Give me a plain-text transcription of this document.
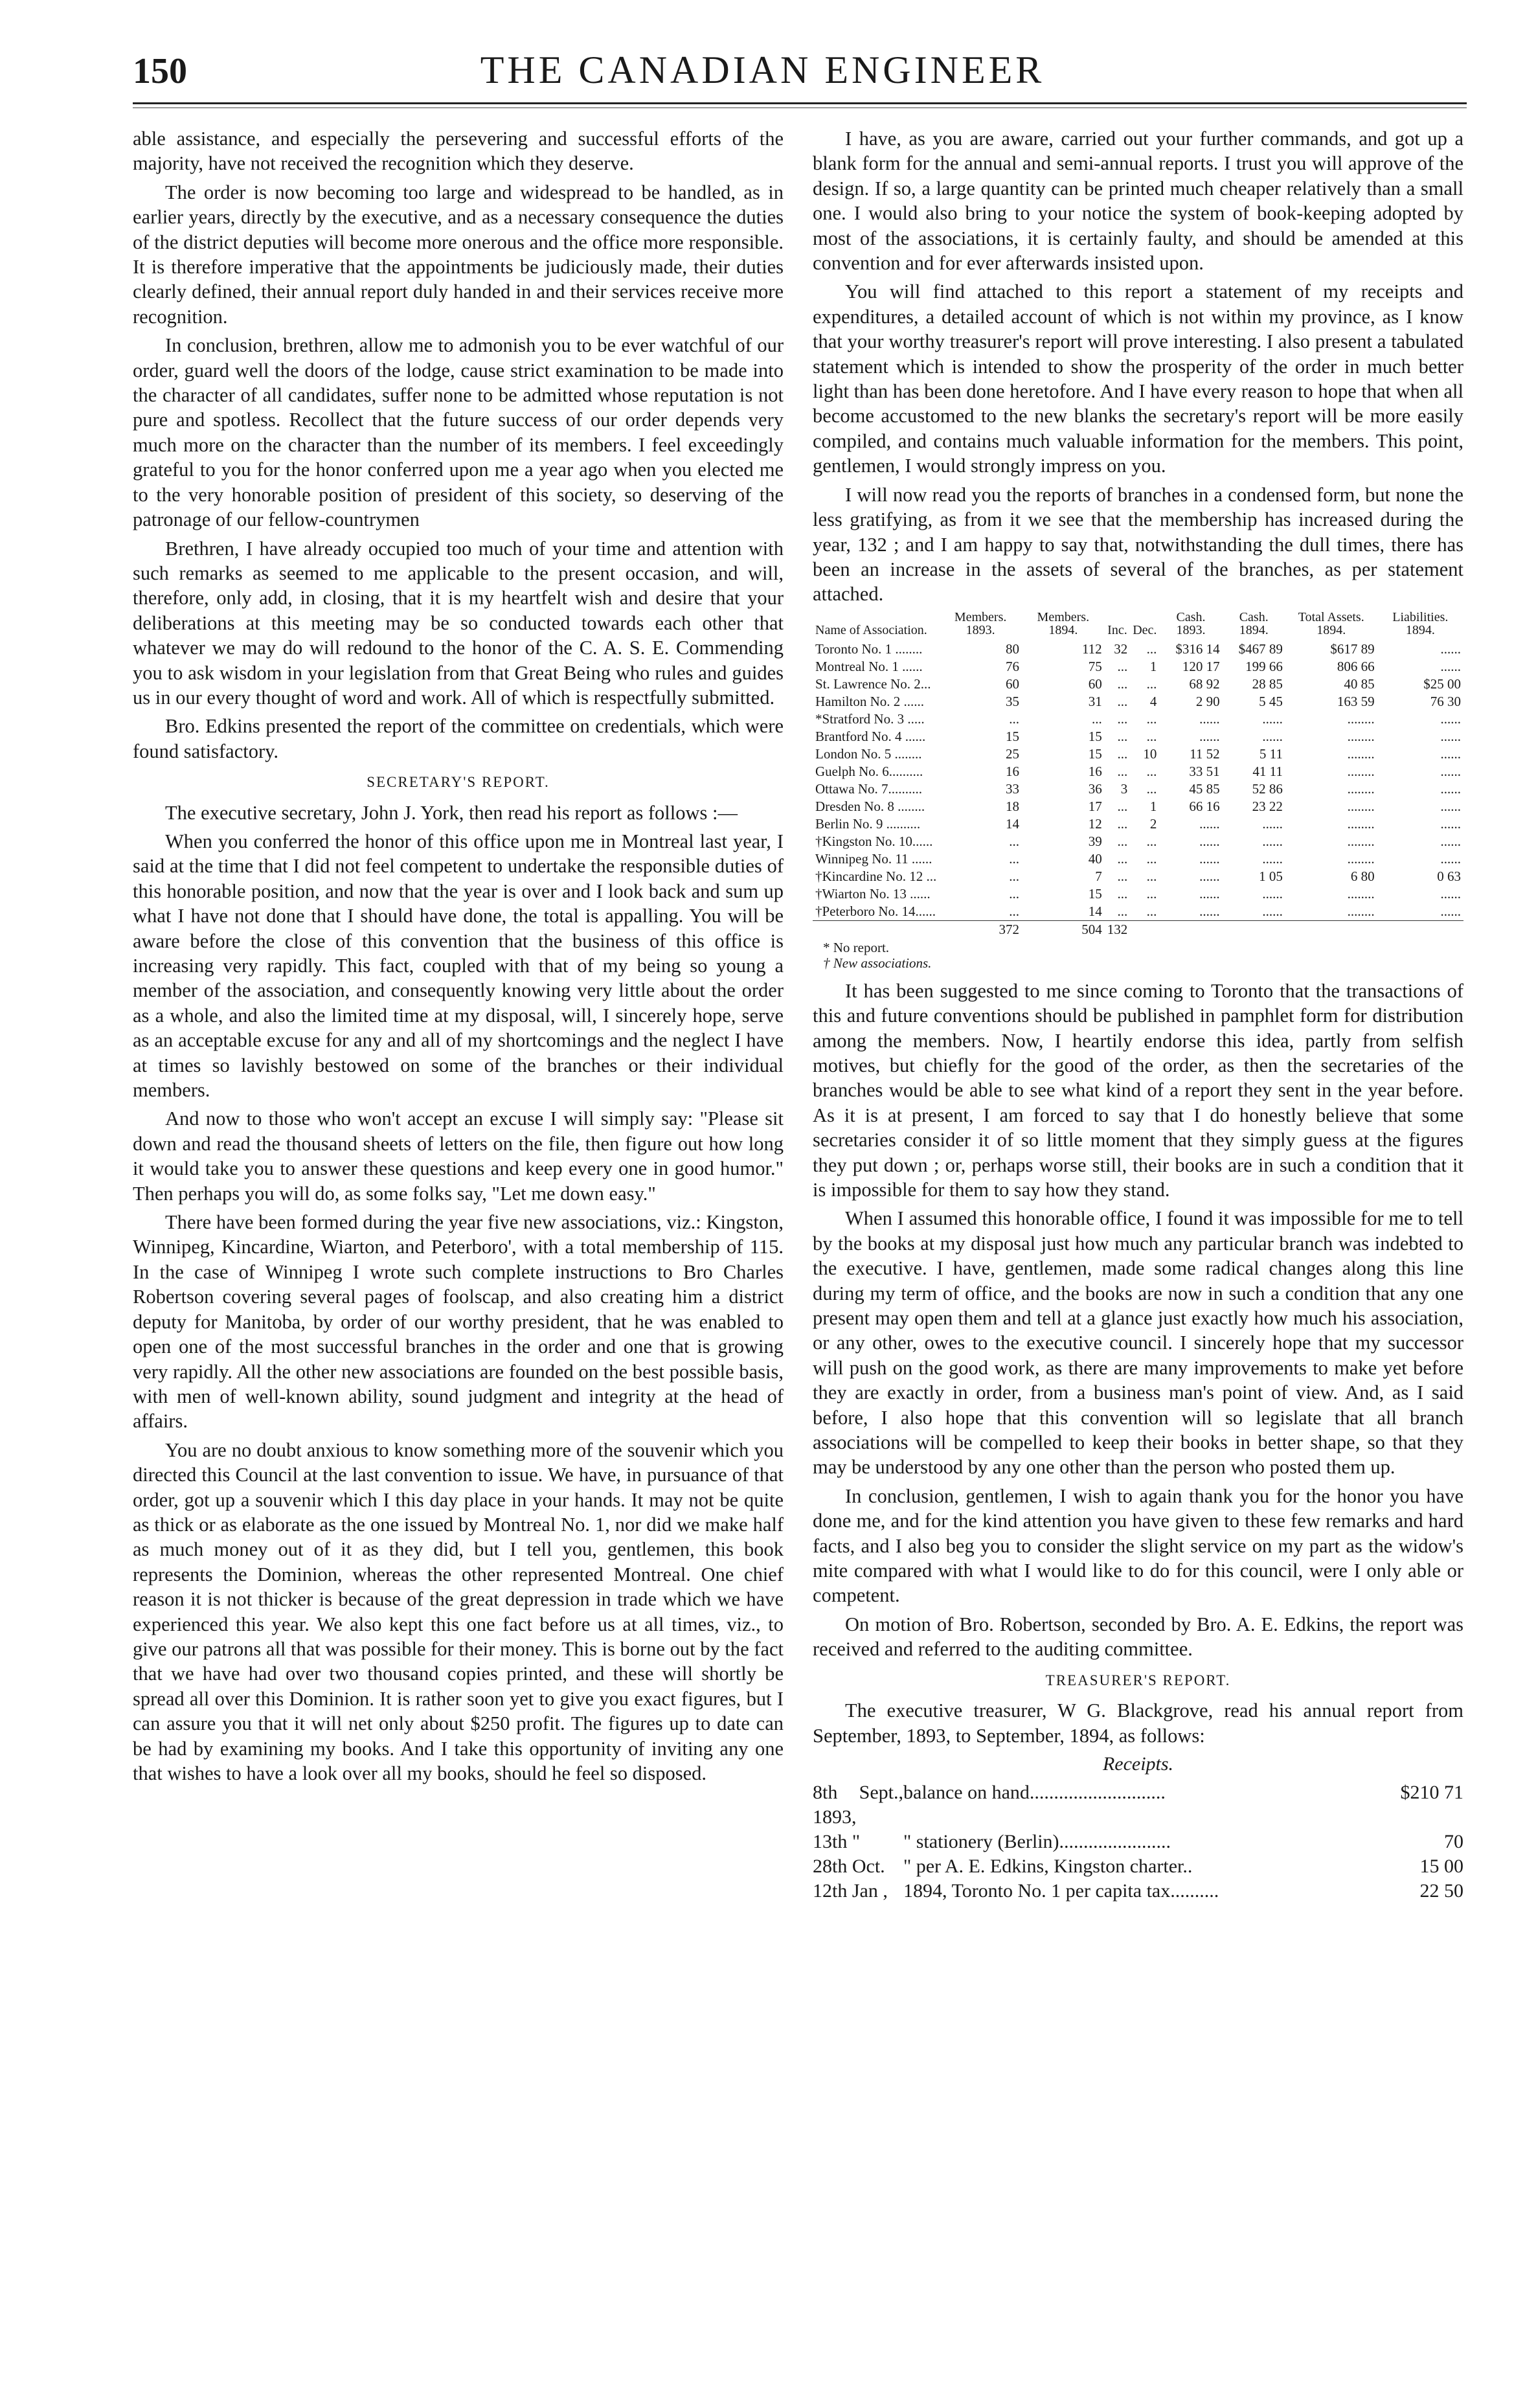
150	THE CANADIAN ENGINEER

able assistance, and especially the persevering and successful efforts of the majority, have not received the recognition which they deserve.

The order is now becoming too large and widespread to be handled, as in earlier years, directly by the executive, and as a necessary consequence the duties of the district deputies will become more onerous and the office more responsible. It is therefore imperative that the appointments be judiciously made, their duties clearly defined, their annual report duly handed in and their services receive more recognition.

In conclusion, brethren, allow me to admonish you to be ever watchful of our order, guard well the doors of the lodge, cause strict examination to be made into the character of all candidates, suffer none to be admitted whose reputation is not pure and spotless. Recollect that the future success of our order depends very much more on the character than the number of its members. I feel exceedingly grateful to you for the honor conferred upon me a year ago when you elected me to the very honorable position of president of this society, so deserving of the patronage of our fellow-countrymen

Brethren, I have already occupied too much of your time and attention with such remarks as seemed to me applicable to the present occasion, and will, therefore, only add, in closing, that it is my heartfelt wish and desire that your deliberations at this meeting may be so conducted towards each other that whatever we may do will redound to the honor of the C. A. S. E. Commending you to ask wisdom in your legislation from that Great Being who rules and guides us in our every thought of word and work. All of which is respectfully submitted.

Bro. Edkins presented the report of the committee on credentials, which were found satisfactory.

SECRETARY'S REPORT.

The executive secretary, John J. York, then read his report as follows :—

When you conferred the honor of this office upon me in Montreal last year, I said at the time that I did not feel competent to undertake the responsible duties of this honorable position, and now that the year is over and I look back and sum up what I have not done that I should have done, the total is appalling. You will be aware before the close of this convention that the business of this office is increasing very rapidly. This fact, coupled with that of my being so young a member of the association, and consequently knowing very little about the order as a whole, and also the limited time at my disposal, will, I sincerely hope, serve as an acceptable excuse for any and all of my shortcomings and the neglect I have at times so lavishly bestowed on some of the branches or their individual members.

And now to those who won't accept an excuse I will simply say: "Please sit down and read the thousand sheets of letters on the file, then figure out how long it would take you to answer these questions and keep every one in good humor." Then perhaps you will do, as some folks say, "Let me down easy."

There have been formed during the year five new associations, viz.: Kingston, Winnipeg, Kincardine, Wiarton, and Peterboro', with a total membership of 115. In the case of Winnipeg I wrote such complete instructions to Bro Charles Robertson covering several pages of foolscap, and also creating him a district deputy for Manitoba, by order of our worthy president, that he was enabled to open one of the most successful branches in the order and one that is growing very rapidly. All the other new associations are founded on the best possible basis, with men of well-known ability, sound judgment and integrity at the head of affairs.

You are no doubt anxious to know something more of the souvenir which you directed this Council at the last convention to issue. We have, in pursuance of that order, got up a souvenir which I this day place in your hands. It may not be quite as thick or as elaborate as the one issued by Montreal No. 1, nor did we make half as much money out of it as they did, but I tell you, gentlemen, this book represents the Dominion, whereas the other represented Montreal. One chief reason it is not thicker is because of the great depression in trade which we have experienced this year. We also kept this one fact before us at all times, viz., to give our patrons all that was possible for their money. This is borne out by the fact that we have had over two thousand copies printed, and these will shortly be spread all over this Dominion. It is rather soon yet to give you exact figures, but I can assure you that it will net only about $250 profit. The figures up to date can be had by examining my books. And I take this opportunity of inviting any one that wishes to have a look over all my books, should he feel so disposed.

I have, as you are aware, carried out your further commands, and got up a blank form for the annual and semi-annual reports. I trust you will approve of the design. If so, a large quantity can be printed much cheaper relatively than a small one. I would also bring to your notice the system of book-keeping adopted by most of the associations, it is certainly faulty, and should be amended at this convention and for ever afterwards insisted upon.

You will find attached to this report a statement of my receipts and expenditures, a detailed account of which is not within my province, as I know that your worthy treasurer's report will prove interesting. I also present a tabulated statement which is intended to show the prosperity of the order in much better light than has been done heretofore. And I have every reason to hope that when all become accustomed to the new blanks the secretary's report will be more easily compiled, and contains much valuable information for the members. This point, gentlemen, I would strongly impress on you.

I will now read you the reports of branches in a condensed form, but none the less gratifying, as from it we see that the membership has increased during the year, 132 ; and I am happy to say that, notwithstanding the dull times, there has been an increase in the assets of several of the branches, as per statement attached.

Name of Association.	Members. 1893.	Members. 1894.	Inc.	Dec.	Cash. 1893.	Cash. 1894.	Total Assets. 1894.	Liabilities. 1894.
Toronto No. 1 ........	80	112	32	...	$316 14	$467 89	$617 89	......
Montreal No. 1 ......	76	75	...	1	120 17	199 66	806 66	......
St. Lawrence No. 2...	60	60	...	...	68 92	28 85	40 85	$25 00
Hamilton No. 2 ......	35	31	...	4	2 90	5 45	163 59	76 30
*Stratford No. 3 .....	...	...	...	...	......	......	........	......
Brantford No. 4 ......	15	15	...	...	......	......	........	......
London No. 5 ........	25	15	...	10	11 52	5 11	........	......
Guelph No. 6..........	16	16	...	...	33 51	41 11	........	......
Ottawa No. 7..........	33	36	3	...	45 85	52 86	........	......
Dresden No. 8 ........	18	17	...	1	66 16	23 22	........	......
Berlin No. 9 ..........	14	12	...	2	......	......	........	......
†Kingston No. 10......	...	39	...	...	......	......	........	......
Winnipeg No. 11 ......	...	40	...	...	......	......	........	......
†Kincardine No. 12 ...	...	7	...	...	......	1 05	6 80	0 63
†Wiarton No. 13 ......	...	15	...	...	......	......	........	......
†Peterboro No. 14......	...	14	...	...	......	......	........	......
	372	504	132					
* No report.
† New associations.

It has been suggested to me since coming to Toronto that the transactions of this and future conventions should be published in pamphlet form for distribution among the members. Now, I heartily endorse this idea, partly from selfish motives, but chiefly for the good of the order, as then the secretaries of the branches would be able to see what kind of a report they sent in the year before. As it is at present, I am forced to say that I do honestly believe that some secretaries consider it of so little moment that they simply guess at the figures they put down ; or, perhaps worse still, their books are in such a condition that it is impossible for them to say how they stand.

When I assumed this honorable office, I found it was impossible for me to tell by the books at my disposal just how much any particular branch was indebted to the executive. I have, gentlemen, made some radical changes along this line during my term of office, and the books are now in such a condition that any one present may open them and tell at a glance just exactly how much his association, or any other, owes to the executive council. I sincerely hope that my successor will push on the good work, as there are many improvements to make yet before they are exactly in order, from a business man's point of view. And, as I said before, I also hope that this convention will so legislate that all branch associations will be compelled to keep their books in better shape, so that they may be understood by any one other than the person who posted them up.

In conclusion, gentlemen, I wish to again thank you for the honor you have done me, and for the kind attention you have given to these few remarks and hard facts, and I also beg you to consider the slight service on my part as the widow's mite compared with what I would like to do for this council, were I only able or competent.

On motion of Bro. Robertson, seconded by Bro. A. E. Edkins, the report was received and referred to the auditing committee.

TREASURER'S REPORT.

The executive treasurer, W G. Blackgrove, read his annual report from September, 1893, to September, 1894, as follows:

Receipts.
8th Sept., 1893,
balance on hand............................	$210 71
13th "	" stationery (Berlin).......................	70
28th Oct. " per A. E. Edkins, Kingston charter..	15 00
12th Jan , 1894, Toronto No. 1 per capita tax..........	22 50
